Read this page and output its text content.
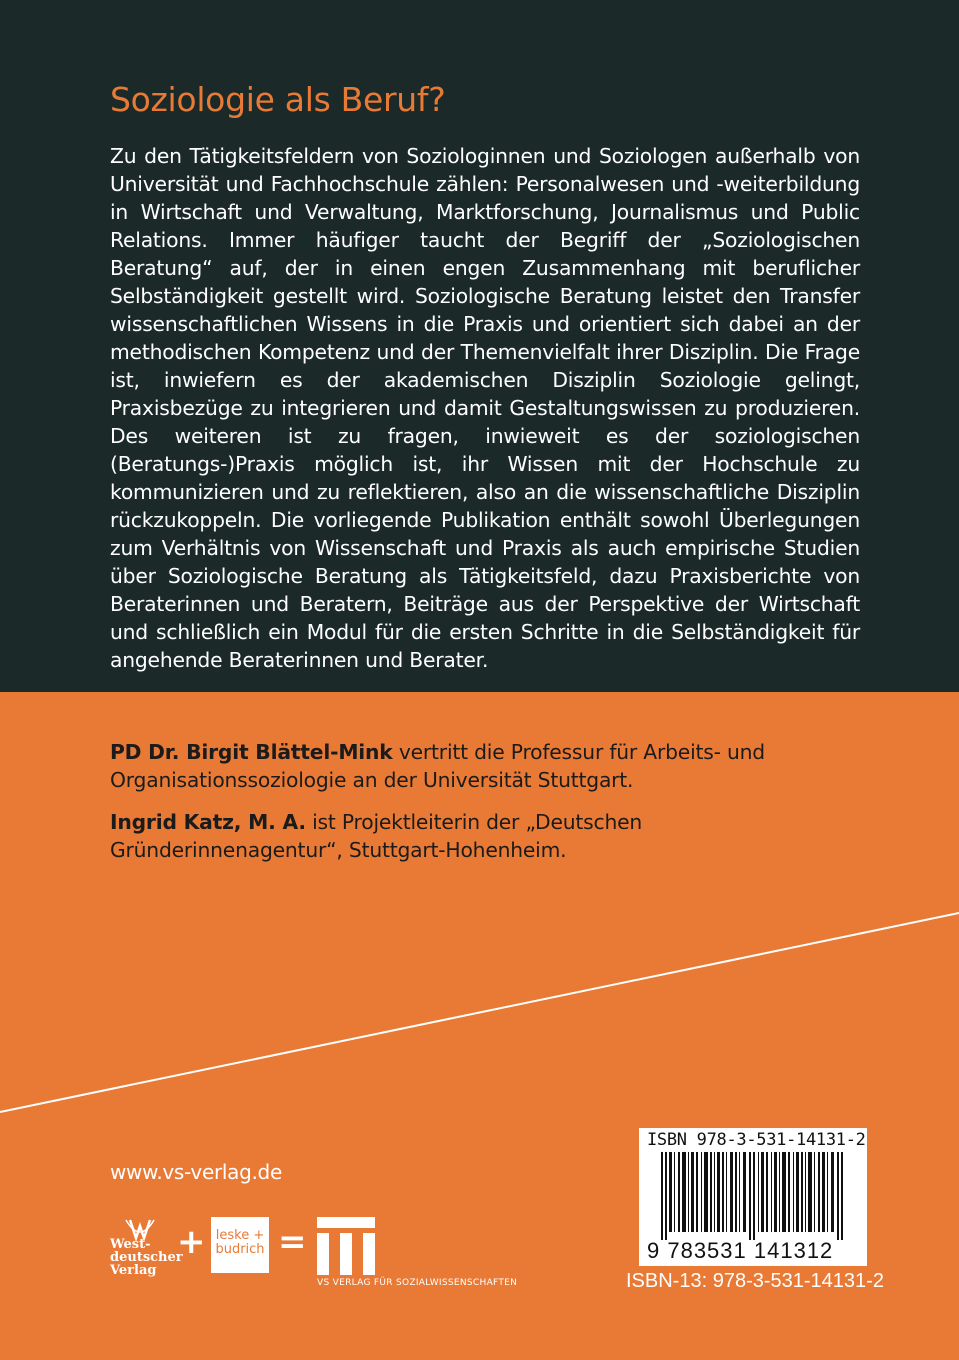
Soziologie als Beruf?
Zu den Tätigkeitsfeldern von Soziologinnen und Soziologen außerhalb von Universität und Fachhochschule zählen: Personalwesen und -weiterbildung in Wirtschaft und Verwaltung, Marktforschung, Journalismus und Public Relations. Immer häufiger taucht der Begriff der „Soziologischen Beratung“ auf, der in einen engen Zusammenhang mit beruflicher Selbständigkeit gestellt wird. Soziologische Beratung leistet den Transfer wissenschaftlichen Wissens in die Praxis und orientiert sich dabei an der methodischen Kompetenz und der Themenvielfalt ihrer Disziplin. Die Frage ist, inwiefern es der akademischen Disziplin Soziologie gelingt, Praxisbezüge zu integrieren und damit Gestaltungswissen zu produzieren. Des weiteren ist zu fragen, inwieweit es der soziologischen (Beratungs-)Praxis möglich ist, ihr Wissen mit der Hochschule zu kommunizieren und zu reflektieren, also an die wissenschaftliche Disziplin rückzukoppeln. Die vorliegende Publikation enthält sowohl Überlegungen zum Verhältnis von Wissenschaft und Praxis als auch empirische Studien über Soziologische Beratung als Tätigkeitsfeld, dazu Praxisberichte von Beraterinnen und Beratern, Beiträge aus der Perspektive der Wirtschaft und schließlich ein Modul für die ersten Schritte in die Selbständigkeit für angehende Beraterinnen und Berater.
PD Dr. Birgit Blättel-Mink vertritt die Professur für Arbeits- und Organisationssoziologie an der Universität Stuttgart.
Ingrid Katz, M. A. ist Projektleiterin der „Deutschen Gründerinnenagentur“, Stuttgart-Hohenheim.
www.vs-verlag.de
West-
deutscher
Verlag
+ leske +
budrich =
VS VERLAG FÜR SOZIALWISSENSCHAFTEN
ISBN 978-3-531-14131-2
9 783531 141312
ISBN-13: 978-3-531-14131-2
